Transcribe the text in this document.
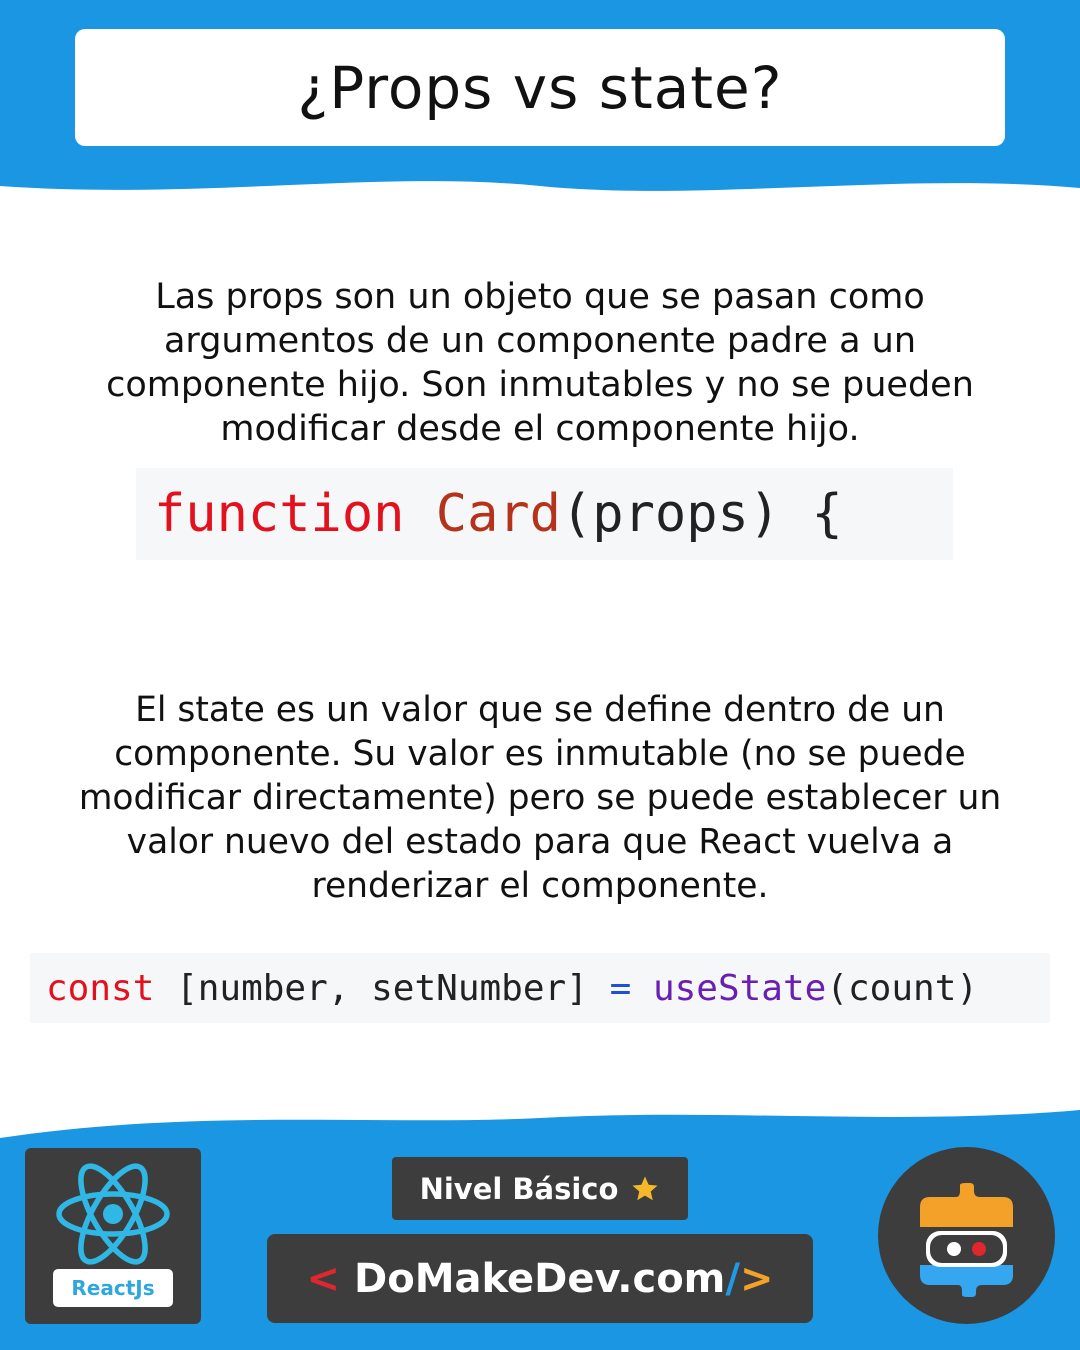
¿Props vs state?

Las props son un objeto que se pasan como argumentos de un componente padre a un componente hijo. Son inmutables y no se pueden modificar desde el componente hijo.

function
Card (props) {

El state es un valor que se define dentro de un componente. Su valor es inmutable (no se puede modificar directamente) pero se puede establecer un valor nuevo del estado para que React vuelva a renderizar el componente.

const
[number, setNumber]
=
useState (count)
ReactJs
Nivel Básico
< DoMakeDev.com / >
